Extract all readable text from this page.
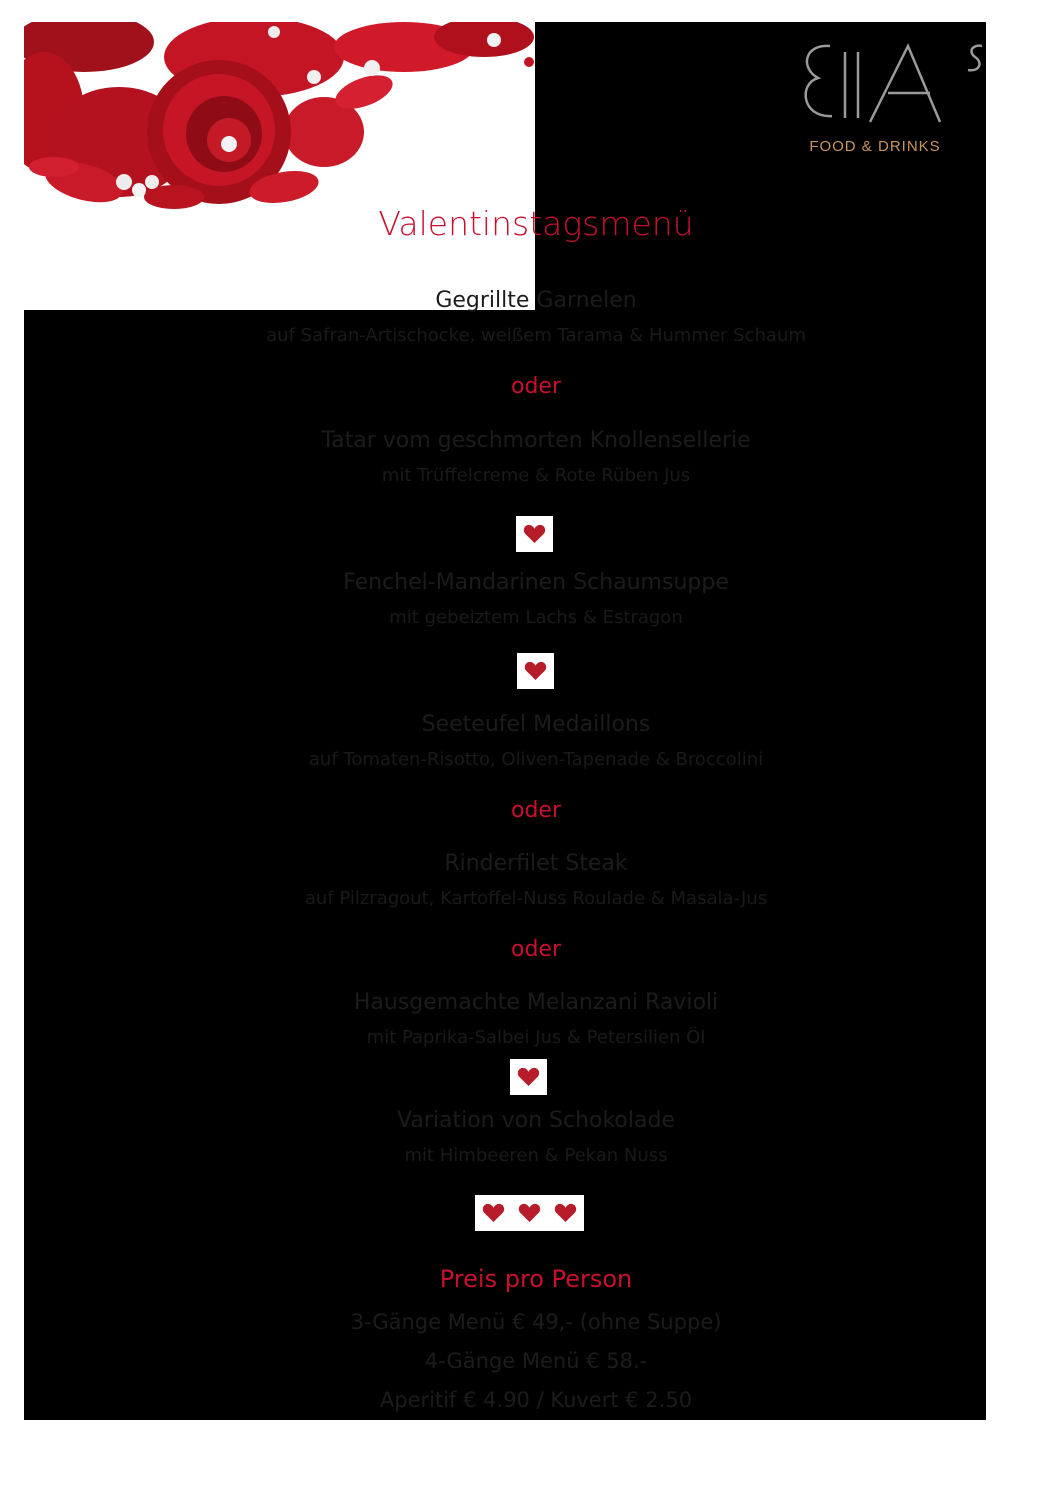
FOOD & DRINKS
Valentinstagsmenü
Gegrillte Garnelen
auf Safran-Artischocke, weißem Tarama & Hummer Schaum
oder
Tatar vom geschmorten Knollensellerie
mit Trüffelcreme & Rote Rüben Jus
Fenchel-Mandarinen Schaumsuppe
mit gebeiztem Lachs & Estragon
Seeteufel Medaillons
auf Tomaten-Risotto, Oliven-Tapenade & Broccolini
oder
Rinderfilet Steak
auf Pilzragout, Kartoffel-Nuss Roulade & Masala-Jus
oder
Hausgemachte Melanzani Ravioli
mit Paprika-Salbei Jus & Petersilien Öl
Variation von Schokolade
mit Himbeeren & Pekan Nuss
Preis pro Person
3-Gänge Menü € 49,- (ohne Suppe)
4-Gänge Menü € 58.-
Aperitif € 4.90 / Kuvert € 2.50
